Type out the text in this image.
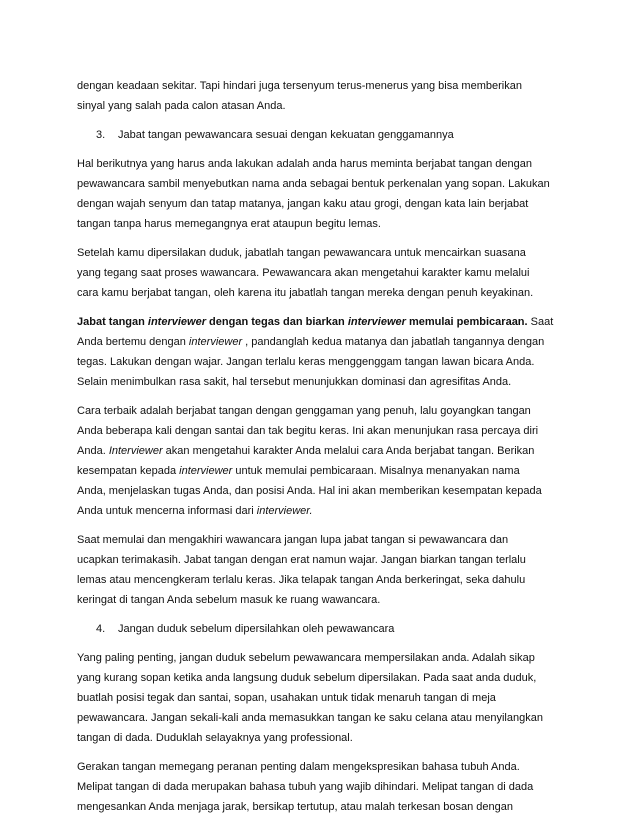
dengan keadaan sekitar. Tapi hindari juga tersenyum terus-menerus yang bisa memberikan
sinyal yang salah pada calon atasan Anda.
3. Jabat tangan pewawancara sesuai dengan kekuatan genggamannya
Hal berikutnya yang harus anda lakukan adalah anda harus meminta berjabat tangan dengan
pewawancara sambil menyebutkan nama anda sebagai bentuk perkenalan yang sopan. Lakukan
dengan wajah senyum dan tatap matanya, jangan kaku atau grogi, dengan kata lain berjabat
tangan tanpa harus memegangnya erat ataupun begitu lemas.
Setelah kamu dipersilakan duduk, jabatlah tangan pewawancara untuk mencairkan suasana
yang tegang saat proses wawancara. Pewawancara akan mengetahui karakter kamu melalui
cara kamu berjabat tangan, oleh karena itu jabatlah tangan mereka dengan penuh keyakinan.
Jabat tangan interviewer dengan tegas dan biarkan interviewer memulai pembicaraan. Saat
Anda bertemu dengan interviewer , pandanglah kedua matanya dan jabatlah tangannya dengan
tegas. Lakukan dengan wajar. Jangan terlalu keras menggenggam tangan lawan bicara Anda.
Selain menimbulkan rasa sakit, hal tersebut menunjukkan dominasi dan agresifitas Anda.
Cara terbaik adalah berjabat tangan dengan genggaman yang penuh, lalu goyangkan tangan
Anda beberapa kali dengan santai dan tak begitu keras. Ini akan menunjukan rasa percaya diri
Anda. Interviewer akan mengetahui karakter Anda melalui cara Anda berjabat tangan. Berikan
kesempatan kepada interviewer untuk memulai pembicaraan. Misalnya menanyakan nama
Anda, menjelaskan tugas Anda, dan posisi Anda. Hal ini akan memberikan kesempatan kepada
Anda untuk mencerna informasi dari interviewer.
Saat memulai dan mengakhiri wawancara jangan lupa jabat tangan si pewawancara dan
ucapkan terimakasih. Jabat tangan dengan erat namun wajar. Jangan biarkan tangan terlalu
lemas atau mencengkeram terlalu keras. Jika telapak tangan Anda berkeringat, seka dahulu
keringat di tangan Anda sebelum masuk ke ruang wawancara.
4. Jangan duduk sebelum dipersilahkan oleh pewawancara
Yang paling penting, jangan duduk sebelum pewawancara mempersilakan anda. Adalah sikap
yang kurang sopan ketika anda langsung duduk sebelum dipersilakan. Pada saat anda duduk,
buatlah posisi tegak dan santai, sopan, usahakan untuk tidak menaruh tangan di meja
pewawancara. Jangan sekali-kali anda memasukkan tangan ke saku celana atau menyilangkan
tangan di dada. Duduklah selayaknya yang professional.
Gerakan tangan memegang peranan penting dalam mengekspresikan bahasa tubuh Anda.
Melipat tangan di dada merupakan bahasa tubuh yang wajib dihindari. Melipat tangan di dada
mengesankan Anda menjaga jarak, bersikap tertutup, atau malah terkesan bosan dengan
